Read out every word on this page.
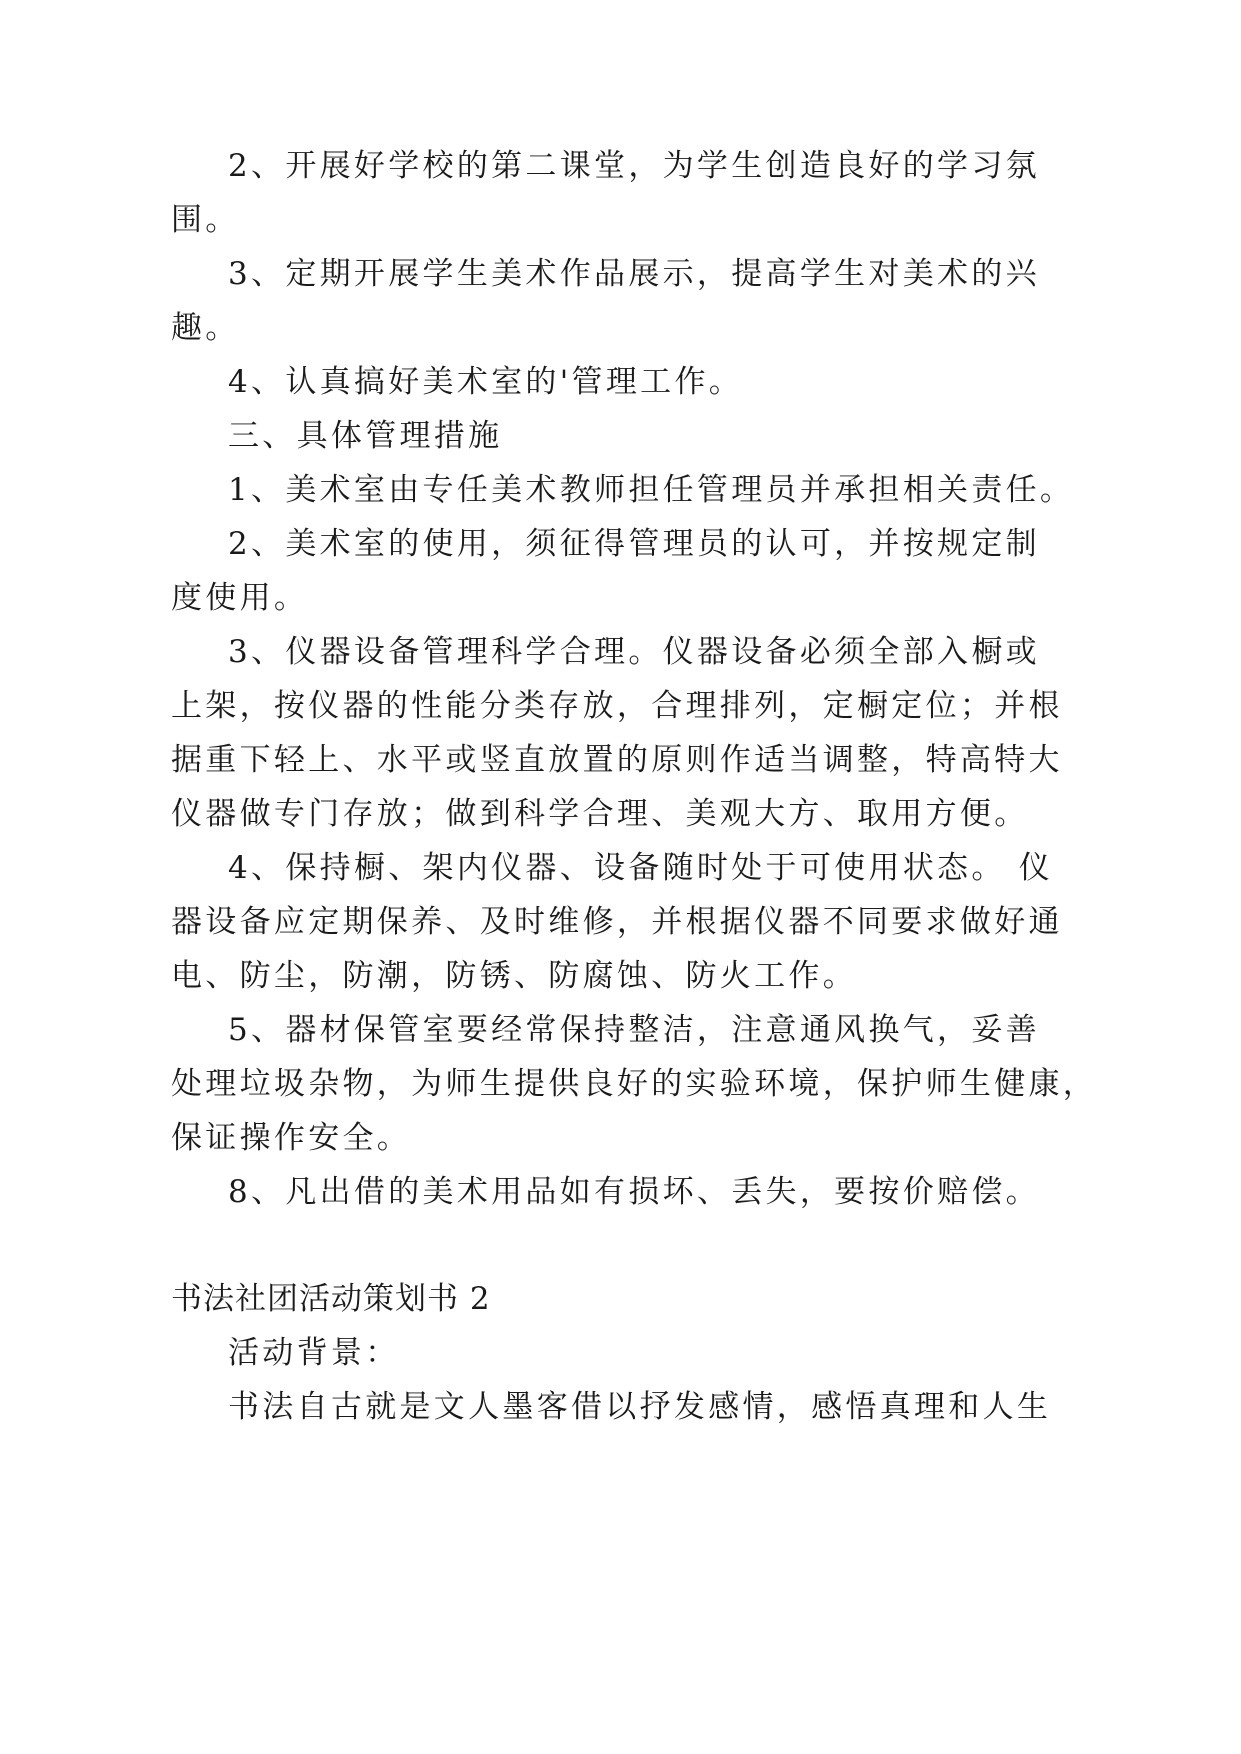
2、开展好学校的第二课堂，为学生创造良好的学习氛
围。
3、定期开展学生美术作品展示，提高学生对美术的兴
趣。
4、认真搞好美术室的'管理工作。
三、具体管理措施
1、美术室由专任美术教师担任管理员并承担相关责任。
2、美术室的使用，须征得管理员的认可，并按规定制
度使用。
3、仪器设备管理科学合理。仪器设备必须全部入橱或
上架，按仪器的性能分类存放，合理排列，定橱定位；并根
据重下轻上、水平或竖直放置的原则作适当调整，特高特大
仪器做专门存放；做到科学合理、美观大方、取用方便。
4、保持橱、架内仪器、设备随时处于可使用状态。 仪
器设备应定期保养、及时维修，并根据仪器不同要求做好通
电、防尘，防潮，防锈、防腐蚀、防火工作。
5、器材保管室要经常保持整洁，注意通风换气，妥善
处理垃圾杂物，为师生提供良好的实验环境，保护师生健康，
保证操作安全。
8、凡出借的美术用品如有损坏、丢失，要按价赔偿。
书法社团活动策划书 2
活动背景：
书法自古就是文人墨客借以抒发感情，感悟真理和人生
